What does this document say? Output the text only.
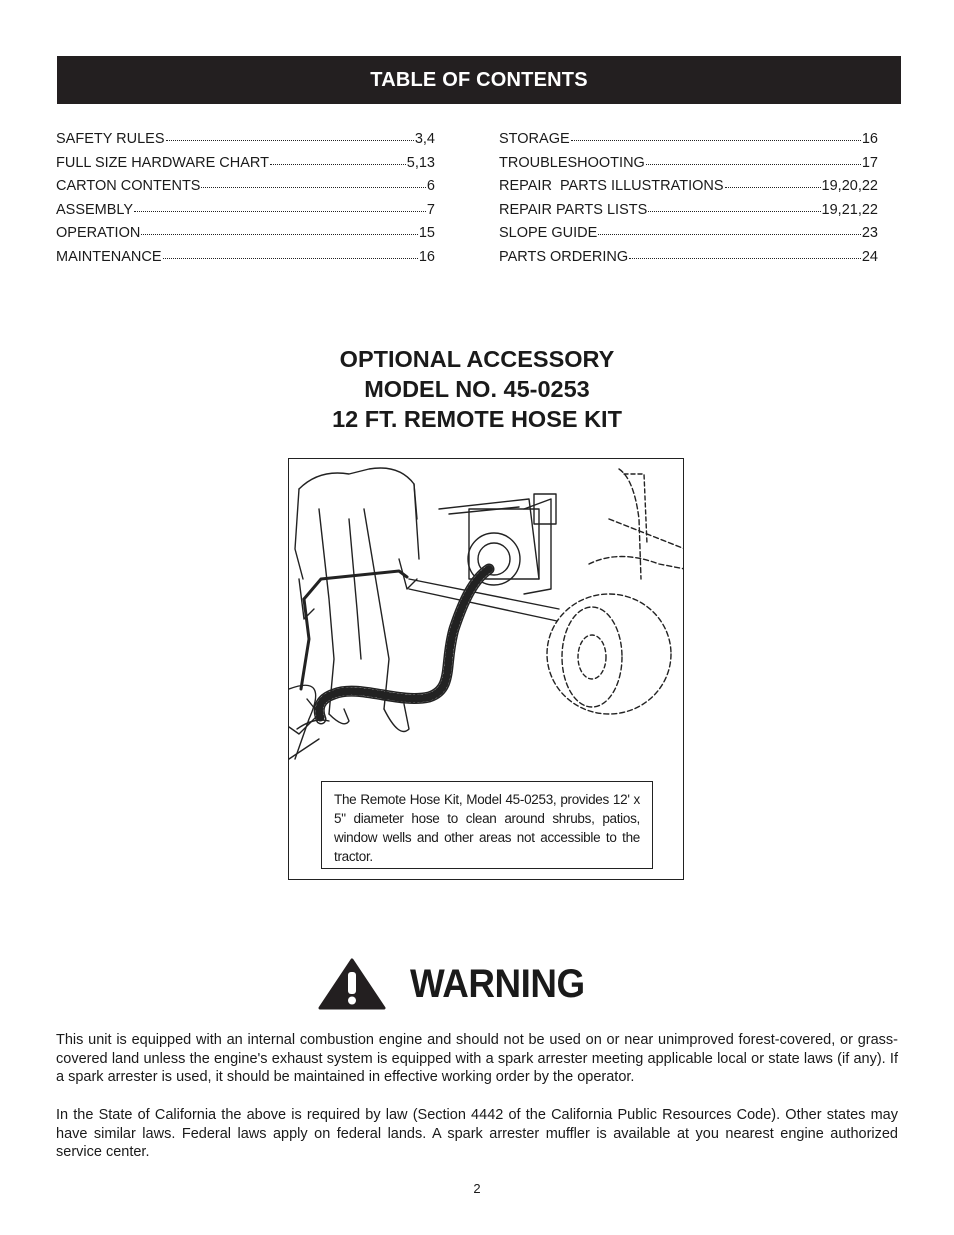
TABLE OF CONTENTS
SAFETY RULES	3,4
FULL SIZE HARDWARE CHART	5,13
CARTON CONTENTS	6
ASSEMBLY	7
OPERATION	15
MAINTENANCE	16
STORAGE	16
TROUBLESHOOTING	17
REPAIR  PARTS ILLUSTRATIONS	19,20,22
REPAIR PARTS LISTS	19,21,22
SLOPE GUIDE	23
PARTS ORDERING	24
OPTIONAL ACCESSORY
MODEL NO. 45-0253
12 FT. REMOTE HOSE KIT
The Remote Hose Kit, Model 45-0253, provides 12' x 5" diameter hose to clean around shrubs, patios, window wells and other areas not accessible to the tractor.
WARNING
This unit is equipped with an internal combustion engine and should not be used on or near unimproved forest-covered, or grass-covered land unless the engine's exhaust system is equipped with a spark arrester meeting applicable local or state laws (if any). If a spark arrester is used, it should be maintained in effective working order by the operator.
In the State of California the above is required by law (Section 4442 of the California Public Resources Code). Other states may have similar laws. Federal laws apply on federal lands. A spark arrester muffler is available at you nearest engine authorized service center.
2
